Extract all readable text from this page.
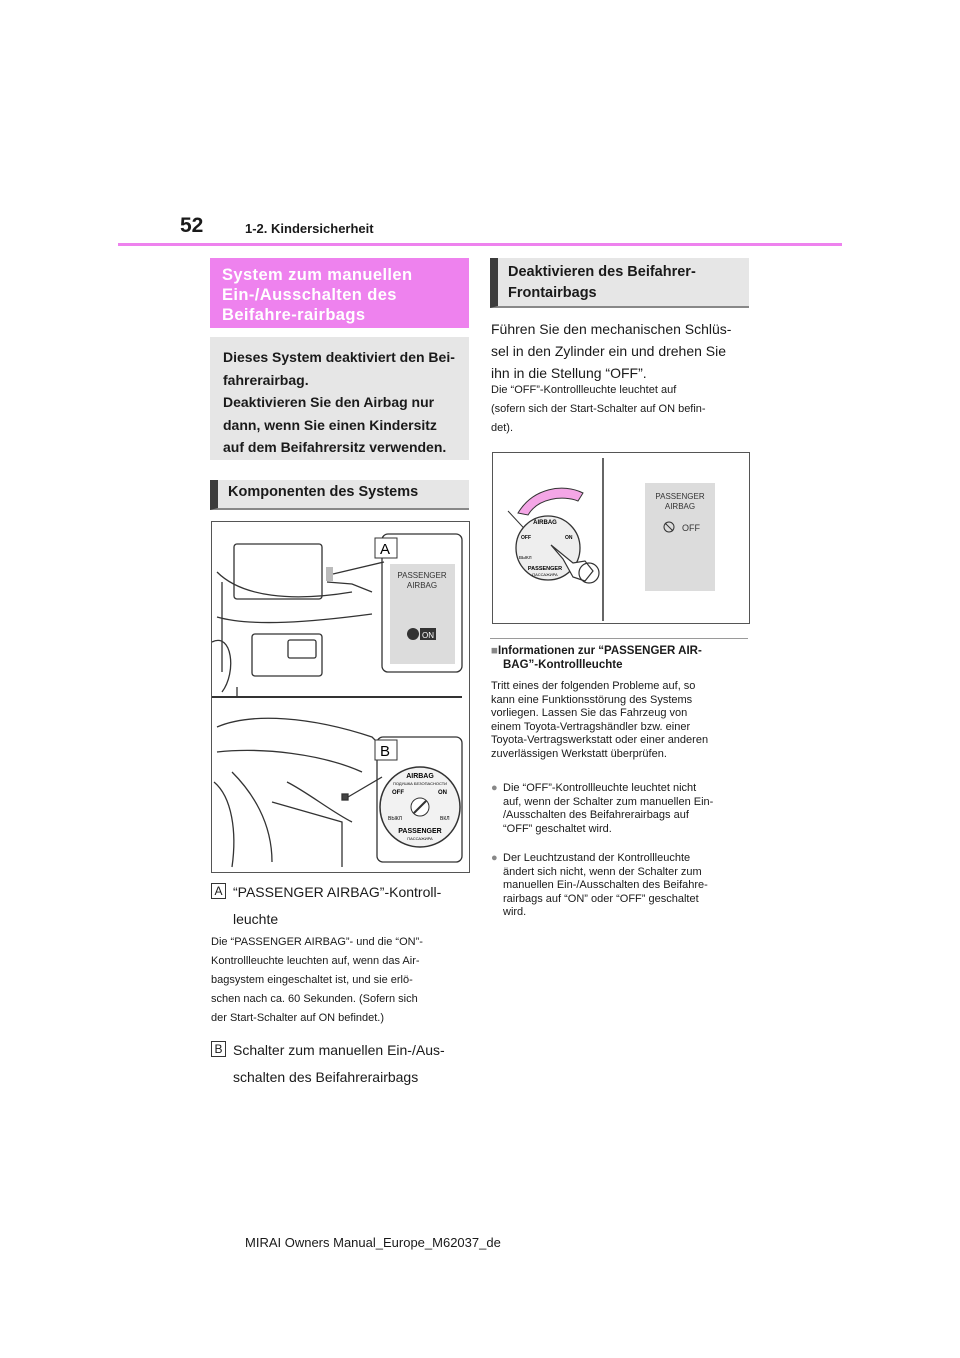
52	1-2. Kindersicherheit
System zum manuellen Ein-/Ausschalten des Beifahre-rairbags
Dieses System deaktiviert den Bei-
fahrerairbag.
Deaktivieren Sie den Airbag nur
dann, wenn Sie einen Kindersitz
auf dem Beifahrersitz verwenden.
Komponenten des Systems
A
B
PASSENGER
AIRBAG
ON
AIRBAG
ПОДУШКА БЕЗОПАСНОСТИ
OFF	ON
ВЫКЛ	ВКЛ
PASSENGER
ПАССАЖИРА
A “PASSENGER AIRBAG”-Kontroll-
leuchte
Die “PASSENGER AIRBAG”- und die “ON”-
Kontrollleuchte leuchten auf, wenn das Air-
bagsystem eingeschaltet ist, und sie erlö-
schen nach ca. 60 Sekunden. (Sofern sich
der Start-Schalter auf ON befindet.)
B Schalter zum manuellen Ein-/Aus-
schalten des Beifahrerairbags
Deaktivieren des Beifahrer-
Frontairbags
Führen Sie den mechanischen Schlüs-
sel in den Zylinder ein und drehen Sie
ihn in die Stellung “OFF”.
Die “OFF”-Kontrollleuchte leuchtet auf
(sofern sich der Start-Schalter auf ON befin-
det).
AIRBAG
OFF	ON
ВЫКЛ
PASSENGER
ПАССАЖИРА
PASSENGER
AIRBAG
OFF
■Informationen zur “PASSENGER AIR-
BAG”-Kontrollleuchte
Tritt eines der folgenden Probleme auf, so
kann eine Funktionsstörung des Systems
vorliegen. Lassen Sie das Fahrzeug von
einem Toyota-Vertragshändler bzw. einer
Toyota-Vertragswerkstatt oder einer anderen
zuverlässigen Werkstatt überprüfen.
● Die “OFF”-Kontrollleuchte leuchtet nicht
auf, wenn der Schalter zum manuellen Ein-
/Ausschalten des Beifahrerairbags auf
“OFF” geschaltet wird.
● Der Leuchtzustand der Kontrollleuchte
ändert sich nicht, wenn der Schalter zum
manuellen Ein-/Ausschalten des Beifahre-
rairbags auf “ON” oder “OFF” geschaltet
wird.
MIRAI Owners Manual_Europe_M62037_de
